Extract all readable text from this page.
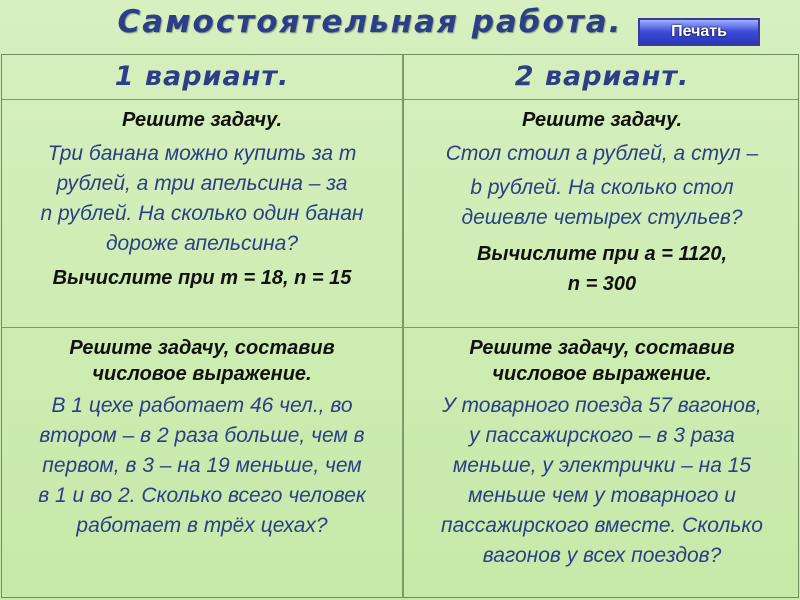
Самостоятельная работа.	Печать
1 вариант.	2 вариант.
Решите задачу.
Три банана можно купить за m
рублей, а три апельсина – за
n рублей. На сколько один банан
дороже апельсина?
Вычислите при m = 18, n = 15
Решите задачу.
Стол стоил а рублей, а стул –
b рублей. На сколько стол
дешевле четырех стульев?
Вычислите при а = 1120,
n = 300
Решите задачу, составив
числовое выражение.
В 1 цехе работает 46 чел., во
втором – в 2 раза больше, чем в
первом, в 3 – на 19 меньше, чем
в 1 и во 2. Сколько всего человек
работает в трёх цехах?
Решите задачу, составив
числовое выражение.
У товарного поезда 57 вагонов,
у пассажирского – в 3 раза
меньше, у электрички – на 15
меньше чем у товарного и
пассажирского вместе. Сколько
вагонов у всех поездов?
